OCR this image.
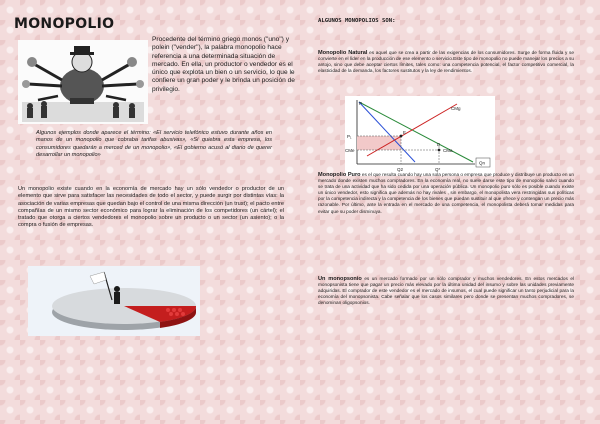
MONOPOLIO
Procedente del término griego monos ("uno") y polein ("vender"), la palabra monopolio hace referencia a una determinada situación de mercado. En ella, un productor o vendedor es el único que explota un bien o un servicio, lo que le confiere un gran poder y le brinda un posición de privilegio.
Algunos ejemplos donde aparece el término: «El servicio telefónico estuvo durante años en manos de un monopolio que cobraba tarifas abusivas», «Si quiebra esta empresa, los consumidores quedarán a merced de un monopolio», «El gobierno acusó al diario de querer desarrollar un monopolio»
Un monopolio existe cuando en la economía de mercado hay un sólo vendedor o productor de un elemento que sirve para satisfacer las necesidades de todo el sector, y puede surgir por distintas vías: la asociación de varias empresas que quedan bajo el control de una misma dirección (un trust); el pacto entre compañías de un mismo sector económico para lograr la eliminación de los competidores (un cártel); el tratado que otorga a ciertos vendedores el monopolio sobre un producto o un sector (un asiento); o la compra o fusión de empresas.
ALGUNOS MONOPOLIOS SON:
Monopolio Natural es aquel que se crea a partir de las exigencias de los consumidores. Surge de forma fluida y se convierte en el líder en la producción de ese elemento o servicio.Este tipo de monopolio no puede manejar los precios a su antojo, sino que debe aceptar ciertos límites, tales como: una competencia potencial, el factor competitivo comercial, la elasticidad de la demanda, los factores sustitutos y la ley de rendimientos.
P
P₁
CMe	CMa
CMg
E
D
Q2	Q*
Qn
Monopolio Puro es el que resulta cuando hay una sola persona o empresa que produce y distribuye un producto en un mercado donde existen muchos compradores. En la economía real, no suele darse este tipo de monopolio salvo cuando se trata de una actividad que ha sido cedida por una operación pública. Un monopolio puro sólo es posible cuando existe un único vendedor, esto significa que además no hay rivales , sin embargo, el monopolista vera restringidas sus políticas por la competencia indirecta y la competencia de los bienes que puedan sustituir al que ofrece y contengan un precio más razonable. Por último, ante la entrada en el mercado de una competencia, el monopolista deberá tomar medidas para evitar que su poder disminuya.
Un monopsonio es un mercado formado por un sólo comprador y muchos vendedores. En estos mercados el monopsonista tiene que pagar un precio más elevado por la última unidad del insumo y sobre las unidades previamente adquiridas. El comprador de este vendedor es el mercado de insumos, el cual puede significar un tanto perjudicial para la economía del monopsonista. Cabe señalar que los casos similares pero donde se presentan muchos compradores, se denominan oligopsonios.
